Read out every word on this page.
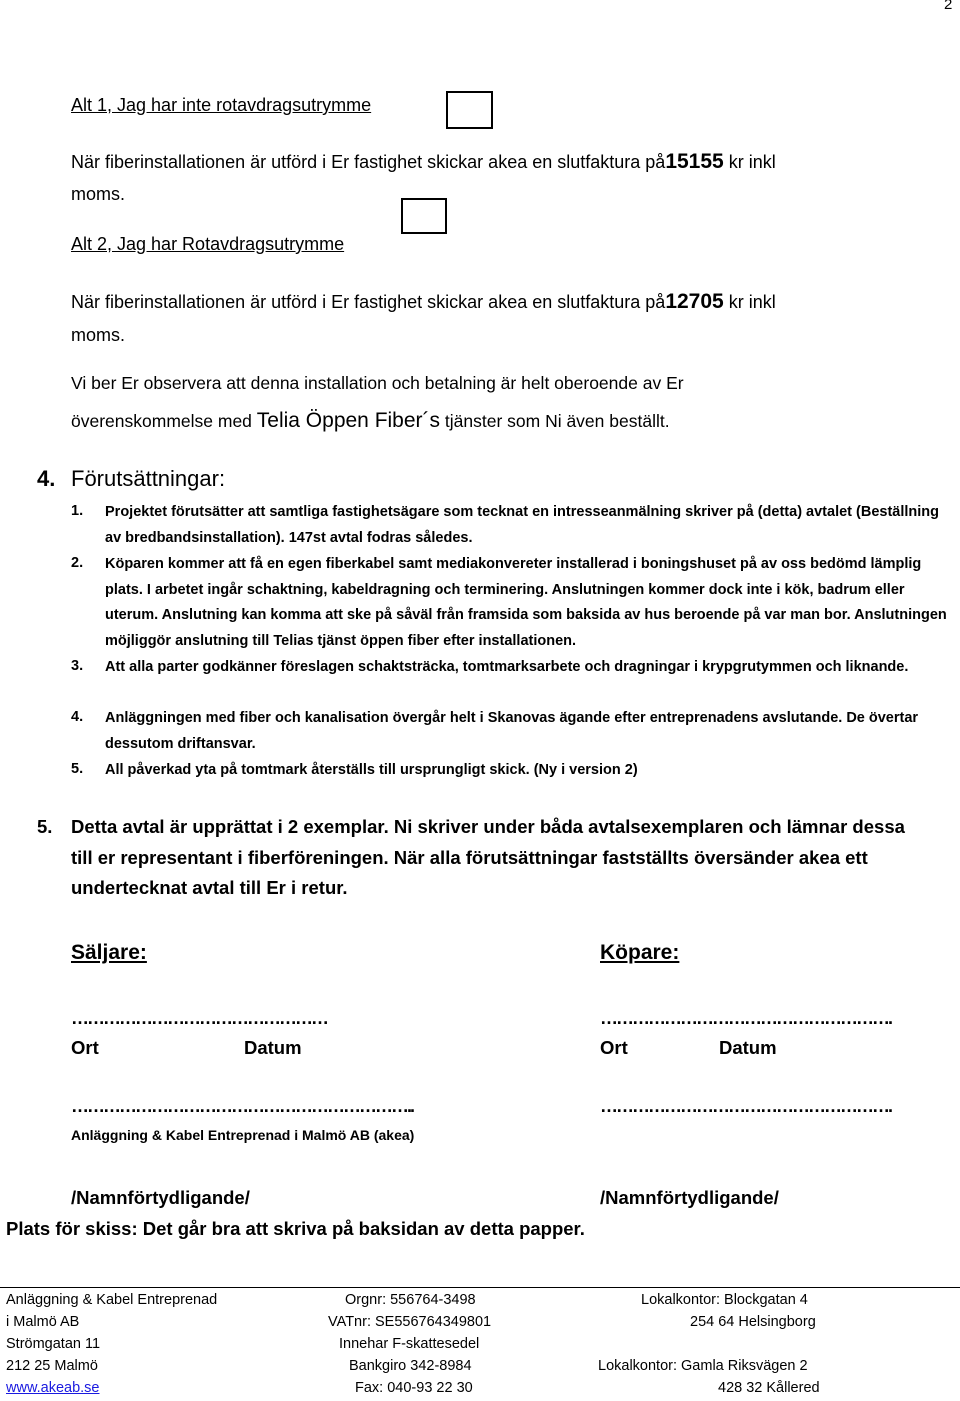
2
Alt 1, Jag har inte rotavdragsutrymme
När fiberinstallationen är utförd i Er fastighet skickar akea en slutfaktura på15155 kr inkl
moms.
Alt 2, Jag har Rotavdragsutrymme
När fiberinstallationen är utförd i Er fastighet skickar akea en slutfaktura på12705 kr inkl
moms.
Vi ber Er observera att denna installation och betalning är helt oberoende av Er
överenskommelse med Telia Öppen Fiber´s tjänster som Ni även beställt.
4. Förutsättningar:
1. Projektet förutsätter att samtliga fastighetsägare som tecknat en intresseanmälning skriver på (detta) avtalet (Beställning av bredbandsinstallation). 147st avtal fodras således.
2. Köparen kommer att få en egen fiberkabel samt mediakonvereter installerad i boningshuset på av oss bedömd lämplig plats. I arbetet ingår schaktning, kabeldragning och terminering. Anslutningen kommer dock inte i kök, badrum eller uterum. Anslutning kan komma att ske på såväl från framsida som baksida av hus beroende på var man bor. Anslutningen möjliggör anslutning till Telias tjänst öppen fiber efter installationen.
3. Att alla parter godkänner föreslagen schaktsträcka, tomtmarksarbete och dragningar i krypgrutymmen och liknande.
4. Anläggningen med fiber och kanalisation övergår helt i Skanovas ägande efter entreprenadens avslutande. De övertar dessutom driftansvar.
5. All påverkad yta på tomtmark återställs till ursprungligt skick. (Ny i version 2)
5. Detta avtal är upprättat i 2 exemplar. Ni skriver under båda avtalsexemplaren och lämnar dessa
till er representant i fiberföreningen. När alla förutsättningar fastställts översänder akea ett
undertecknat avtal till Er i retur.
Säljare:	Köpare:
…………………………………………	……………………………………………….
Ort	Datum	Ort	Datum
………………………………………………………..	……………………………………………….
Anläggning & Kabel Entreprenad i Malmö AB (akea)
/Namnförtydligande/	/Namnförtydligande/
Plats för skiss: Det går bra att skriva på baksidan av detta papper.
Anläggning & Kabel Entreprenad
i Malmö AB
Strömgatan 11
212 25 Malmö
www.akeab.se
Orgnr: 556764-3498
VATnr: SE556764349801
Innehar F-skattesedel
Bankgiro 342-8984
Fax: 040-93 22 30
Lokalkontor: Blockgatan 4
254 64 Helsingborg
Lokalkontor: Gamla Riksvägen 2
428 32 Kållered
